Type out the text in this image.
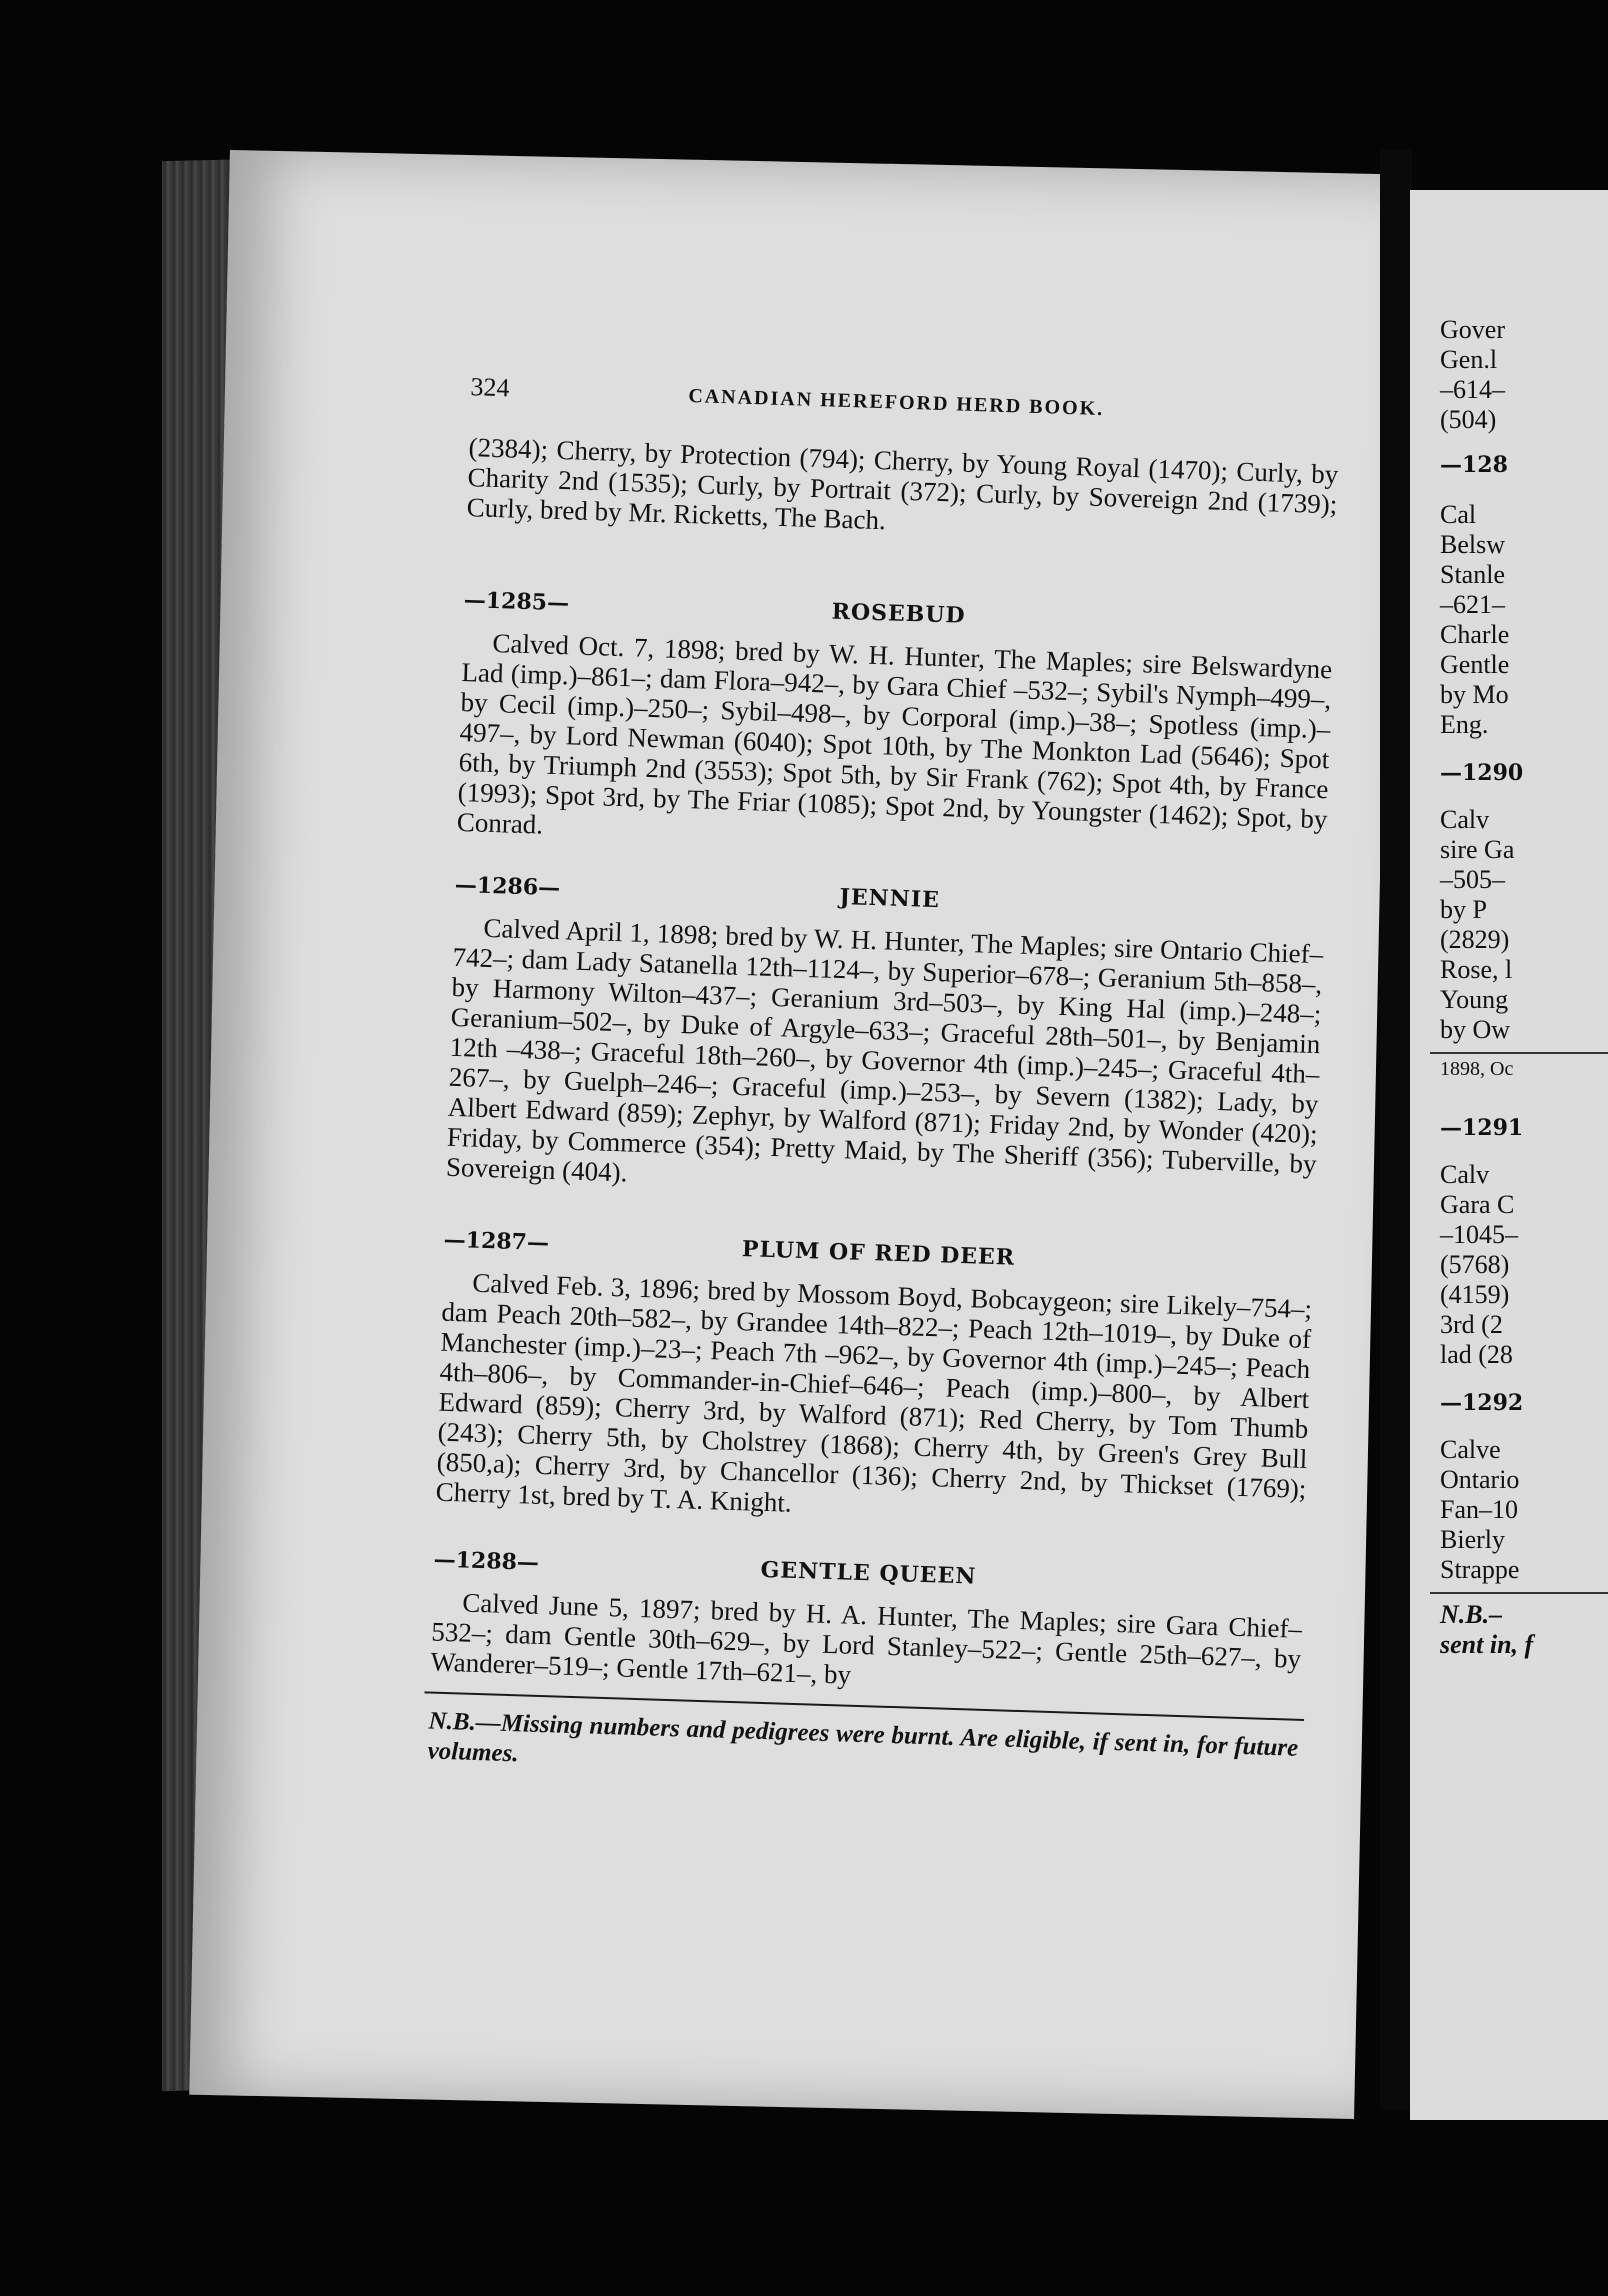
Gover
Gen.l
–614–
(504)
—128
Cal
Belsw
Stanle
–621–
Charle
Gentle
by Mo
Eng.
—1290
Calv
sire Ga
–505–
by P
(2829)
Rose, l
Young
by Ow
1898, Oc
—1291
Calv
Gara C
–1045–
(5768)
(4159)
3rd (2
lad (28
—1292
Calve
Ontario
Fan–10
Bierly
Strappe
N.B.–
sent in, f
324	CANADIAN HEREFORD HERD BOOK.

(2384); Cherry, by Protection (794); Cherry, by Young Royal (1470); Curly, by Charity 2nd (1535); Curly, by Portrait (372); Curly, by Sovereign 2nd (1739); Curly, bred by Mr. Ricketts, The Bach.

—1285—	ROSEBUD

Calved Oct. 7, 1898; bred by W. H. Hunter, The Maples; sire Belswardyne Lad (imp.)–861–; dam Flora–942–, by Gara Chief –532–; Sybil's Nymph–499–, by Cecil (imp.)–250–; Sybil–498–, by Corporal (imp.)–38–; Spotless (imp.)–497–, by Lord Newman (6040); Spot 10th, by The Monkton Lad (5646); Spot 6th, by Triumph 2nd (3553); Spot 5th, by Sir Frank (762); Spot 4th, by France (1993); Spot 3rd, by The Friar (1085); Spot 2nd, by Youngster (1462); Spot, by Conrad.

—1286—	JENNIE

Calved April 1, 1898; bred by W. H. Hunter, The Maples; sire Ontario Chief–742–; dam Lady Satanella 12th–1124–, by Superior–678–; Geranium 5th–858–, by Harmony Wilton–437–; Geranium 3rd–503–, by King Hal (imp.)–248–; Geranium–502–, by Duke of Argyle–633–; Graceful 28th–501–, by Benjamin 12th –438–; Graceful 18th–260–, by Governor 4th (imp.)–245–; Graceful 4th–267–, by Guelph–246–; Graceful (imp.)–253–, by Severn (1382); Lady, by Albert Edward (859); Zephyr, by Walford (871); Friday 2nd, by Wonder (420); Friday, by Commerce (354); Pretty Maid, by The Sheriff (356); Tuberville, by Sovereign (404).

—1287—	PLUM OF RED DEER

Calved Feb. 3, 1896; bred by Mossom Boyd, Bobcaygeon; sire Likely–754–; dam Peach 20th–582–, by Grandee 14th–822–; Peach 12th–1019–, by Duke of Manchester (imp.)–23–; Peach 7th –962–, by Governor 4th (imp.)–245–; Peach 4th–806–, by Commander-in-Chief–646–; Peach (imp.)–800–, by Albert Edward (859); Cherry 3rd, by Walford (871); Red Cherry, by Tom Thumb (243); Cherry 5th, by Cholstrey (1868); Cherry 4th, by Green's Grey Bull (850,a); Cherry 3rd, by Chancellor (136); Cherry 2nd, by Thickset (1769); Cherry 1st, bred by T. A. Knight.

—1288—	GENTLE QUEEN

Calved June 5, 1897; bred by H. A. Hunter, The Maples; sire Gara Chief–532–; dam Gentle 30th–629–, by Lord Stanley–522–; Gentle 25th–627–, by Wanderer–519–; Gentle 17th–621–, by

N.B.—Missing numbers and pedigrees were burnt. Are eligible, if sent in, for future volumes.
